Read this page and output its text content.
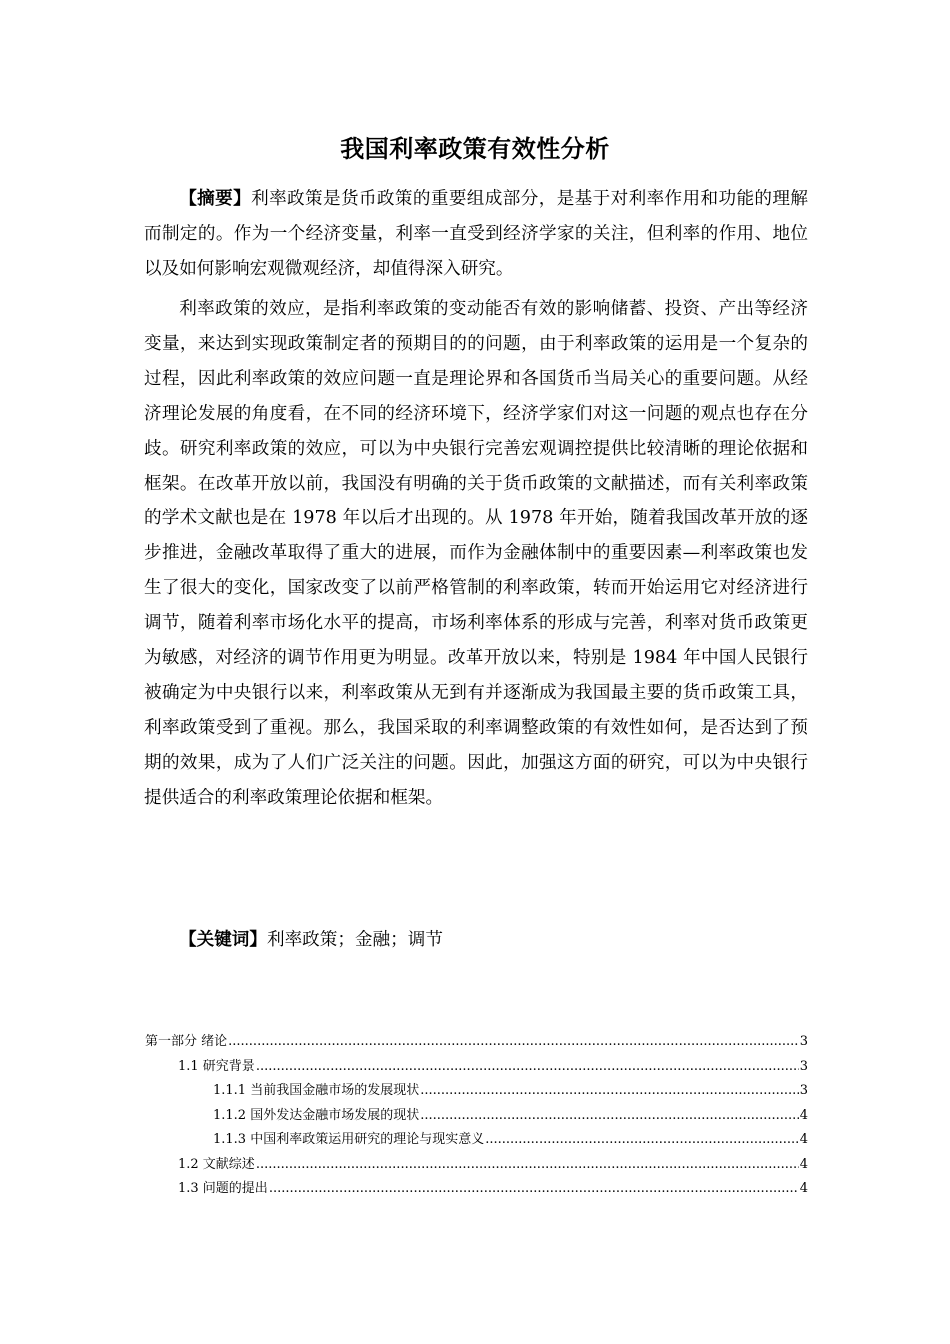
我国利率政策有效性分析

【摘要】利率政策是货币政策的重要组成部分，是基于对利率作用和功能的理解而制定的。作为一个经济变量，利率一直受到经济学家的关注，但利率的作用、地位以及如何影响宏观微观经济，却值得深入研究。

利率政策的效应，是指利率政策的变动能否有效的影响储蓄、投资、产出等经济变量，来达到实现政策制定者的预期目的的问题，由于利率政策的运用是一个复杂的过程，因此利率政策的效应问题一直是理论界和各国货币当局关心的重要问题。从经济理论发展的角度看，在不同的经济环境下，经济学家们对这一问题的观点也存在分歧。研究利率政策的效应，可以为中央银行完善宏观调控提供比较清晰的理论依据和框架。在改革开放以前，我国没有明确的关于货币政策的文献描述，而有关利率政策的学术文献也是在 1978 年以后才出现的。从 1978 年开始，随着我国改革开放的逐步推进，金融改革取得了重大的进展，而作为金融体制中的重要因素—利率政策也发生了很大的变化，国家改变了以前严格管制的利率政策，转而开始运用它对经济进行调节，随着利率市场化水平的提高，市场利率体系的形成与完善，利率对货币政策更为敏感，对经济的调节作用更为明显。改革开放以来，特别是 1984 年中国人民银行被确定为中央银行以来，利率政策从无到有并逐渐成为我国最主要的货币政策工具，利率政策受到了重视。那么，我国采取的利率调整政策的有效性如何，是否达到了预期的效果，成为了人们广泛关注的问题。因此，加强这方面的研究，可以为中央银行提供适合的利率政策理论依据和框架。

【关键词】利率政策；金融；调节

第一部分 绪论 .....	3
1.1 研究背景 .....	3
1.1.1 当前我国金融市场的发展现状 .....	3
1.1.2 国外发达金融市场发展的现状 .....	4
1.1.3 中国利率政策运用研究的理论与现实意义 .....	4
1.2 文献综述 .....	4
1.3 问题的提出 .....	4
